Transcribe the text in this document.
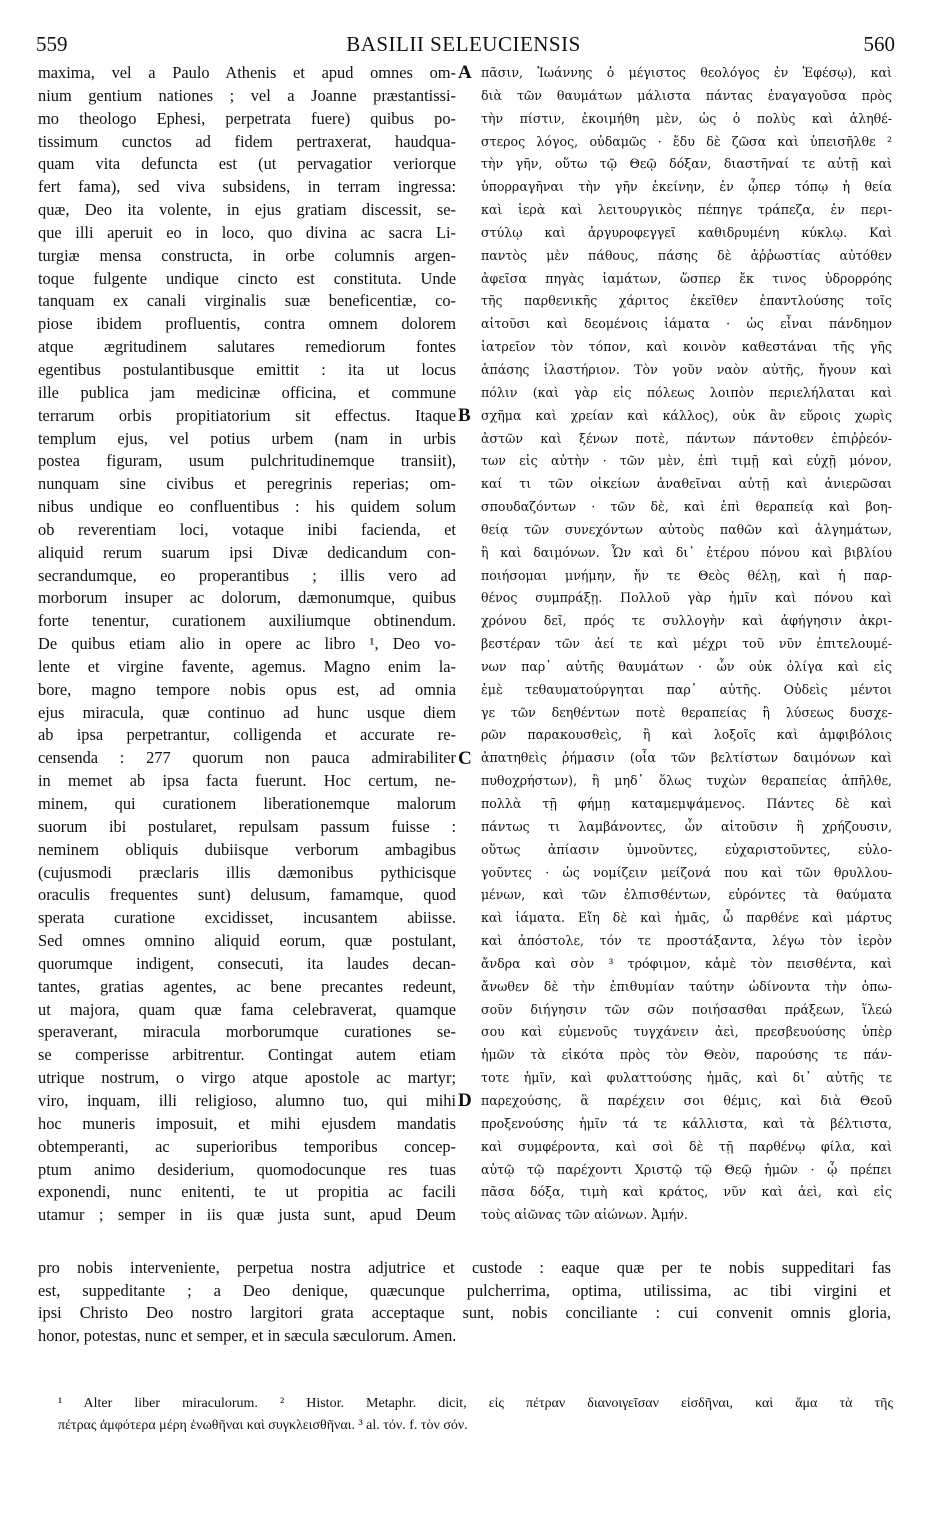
559	BASILII SELEUCIENSIS	560
maxima, vel a Paulo Athenis et apud omnes om-
nium gentium nationes ; vel a Joanne præstantissi-
mo theologo Ephesi, perpetrata fuere) quibus po-
tissimum cunctos ad fidem pertraxerat, haudqua-
quam vita defuncta est (ut pervagatior veriorque
fert fama), sed viva subsidens, in terram ingressa:
quæ, Deo ita volente, in ejus gratiam discessit, se-
que illi aperuit eo in loco, quo divina ac sacra Li-
turgiæ mensa constructa, in orbe columnis argen-
toque fulgente undique cincto est constituta. Unde
tanquam ex canali virginalis suæ beneficentiæ, co-
piose ibidem profluentis, contra omnem dolorem
atque ægritudinem salutares remediorum fontes
egentibus postulantibusque emittit : ita ut locus
ille publica jam medicinæ officina, et commune
terrarum orbis propitiatorium sit effectus. Itaque
templum ejus, vel potius urbem (nam in urbis
postea figuram, usum pulchritudinemque transiit),
nunquam sine civibus et peregrinis reperias; om-
nibus undique eo confluentibus : his quidem solum
ob reverentiam loci, votaque inibi facienda, et
aliquid rerum suarum ipsi Divæ dedicandum con-
secrandumque, eo properantibus ; illis vero ad
morborum insuper ac dolorum, dæmonumque, quibus
forte tenentur, curationem auxiliumque obtinendum.
De quibus etiam alio in opere ac libro ¹, Deo vo-
lente et virgine favente, agemus. Magno enim la-
bore, magno tempore nobis opus est, ad omnia
ejus miracula, quæ continuo ad hunc usque diem
ab ipsa perpetrantur, colligenda et accurate re-
censenda : 277 quorum non pauca admirabiliter
in memet ab ipsa facta fuerunt. Hoc certum, ne-
minem, qui curationem liberationemque malorum
suorum ibi postularet, repulsam passum fuisse :
neminem obliquis dubiisque verborum ambagibus
(cujusmodi præclaris illis dæmonibus pythicisque
oraculis frequentes sunt) delusum, famamque, quod
sperata curatione excidisset, incusantem abiisse.
Sed omnes omnino aliquid eorum, quæ postulant,
quorumque indigent, consecuti, ita laudes decan-
tantes, gratias agentes, ac bene precantes redeunt,
ut majora, quam quæ fama celebraverat, quamque
speraverant, miracula morborumque curationes se-
se comperisse arbitrentur. Contingat autem etiam
utrique nostrum, o virgo atque apostole ac martyr;
viro, inquam, illi religioso, alumno tuo, qui mihi
hoc muneris imposuit, et mihi ejusdem mandatis
obtemperanti, ac superioribus temporibus concep-
ptum animo desiderium, quomodocunque res tuas
exponendi, nunc enitenti, te ut propitia ac facili
utamur ; semper in iis quæ justa sunt, apud Deum
πᾶσιν, Ἰωάννης ὁ μέγιστος θεολόγος ἐν Ἐφέσῳ), καὶ
διὰ τῶν θαυμάτων μάλιστα πάντας ἐναγαγοῦσα πρὸς
τὴν πίστιν, ἐκοιμήθη μὲν, ὡς ὁ πολὺς καὶ ἀληθέ-
στερος λόγος, οὐδαμῶς · ἔδυ δὲ ζῶσα καὶ ὑπεισῆλθε ²
τὴν γῆν, οὕτω τῷ Θεῷ δόξαν, διαστῆναί τε αὐτῇ καὶ
ὑπορραγῆναι τὴν γῆν ἐκείνην, ἐν ᾧπερ τόπῳ ἡ θεία
καὶ ἱερὰ καὶ λειτουργικὸς πέπηγε τράπεζα, ἐν περι-
στύλῳ καὶ ἀργυροφεγγεῖ καθιδρυμένη κύκλῳ. Καὶ
παντὸς μὲν πάθους, πάσης δὲ ἀῤῥωστίας αὐτόθεν
ἀφεῖσα πηγὰς ἰαμάτων, ὥσπερ ἔκ τινος ὑδρορρόης
τῆς παρθενικῆς χάριτος ἐκεῖθεν ἐπαντλούσης τοῖς
αἰτοῦσι καὶ δεομένοις ἰάματα · ὡς εἶναι πάνδημον
ἰατρεῖον τὸν τόπον, καὶ κοινὸν καθεστάναι τῆς γῆς
ἁπάσης ἱλαστήριον. Τὸν γοῦν ναὸν αὐτῆς, ἤγουν καὶ
πόλιν (καὶ γὰρ εἰς πόλεως λοιπὸν περιελήλαται καὶ
σχῆμα καὶ χρείαν καὶ κάλλος), οὐκ ἂν εὕροις χωρὶς
ἀστῶν καὶ ξένων ποτὲ, πάντων πάντοθεν ἐπιῤῥεόν-
των εἰς αὐτὴν · τῶν μὲν, ἐπὶ τιμῇ καὶ εὐχῇ μόνον,
καί τι τῶν οἰκείων ἀναθεῖναι αὐτῇ καὶ ἀνιερῶσαι
σπουδαζόντων · τῶν δὲ, καὶ ἐπὶ θεραπείᾳ καὶ βοη-
θείᾳ τῶν συνεχόντων αὐτοὺς παθῶν καὶ ἀλγημάτων,
ἢ καὶ δαιμόνων. Ὧν καὶ δι᾽ ἑτέρου πόνου καὶ βιβλίου
ποιήσομαι μνήμην, ἤν τε Θεὸς θέλῃ, καὶ ἡ παρ-
θένος συμπράξῃ. Πολλοῦ γὰρ ἡμῖν καὶ πόνου καὶ
χρόνου δεῖ, πρός τε συλλογὴν καὶ ἀφήγησιν ἀκρι-
βεστέραν τῶν ἀεί τε καὶ μέχρι τοῦ νῦν ἐπιτελουμέ-
νων παρ᾽ αὐτῆς θαυμάτων · ὧν οὐκ ὀλίγα καὶ εἰς
ἐμὲ τεθαυματούργηται παρ᾽ αὐτῆς. Οὐδεὶς μέντοι
γε τῶν δεηθέντων ποτὲ θεραπείας ἢ λύσεως δυσχε-
ρῶν παρακουσθεὶς, ἢ καὶ λοξοῖς καὶ ἀμφιβόλοις
ἀπατηθεὶς ῥήμασιν (οἷα τῶν βελτίστων δαιμόνων καὶ
πυθοχρήστων), ἢ μηδ᾽ ὅλως τυχὼν θεραπείας ἀπῆλθε,
πολλὰ τῇ φήμῃ καταμεμψάμενος. Πάντες δὲ καὶ
πάντως τι λαμβάνοντες, ὧν αἰτοῦσιν ἢ χρήζουσιν,
οὕτως ἀπίασιν ὑμνοῦντες, εὐχαριστοῦντες, εὐλο-
γοῦντες · ὡς νομίζειν μείζονά που καὶ τῶν θρυλλου-
μένων, καὶ τῶν ἐλπισθέντων, εὑρόντες τὰ θαύματα
καὶ ἰάματα. Εἴη δὲ καὶ ἡμᾶς, ὦ παρθένε καὶ μάρτυς
καὶ ἀπόστολε, τόν τε προστάξαντα, λέγω τὸν ἱερὸν
ἄνδρα καὶ σὸν ³ τρόφιμον, κἀμὲ τὸν πεισθέντα, καὶ
ἄνωθεν δὲ τὴν ἐπιθυμίαν ταύτην ὠδίνοντα τὴν ὁπω-
σοῦν διήγησιν τῶν σῶν ποιήσασθαι πράξεων, ἵλεώ
σου καὶ εὐμενοῦς τυγχάνειν ἀεὶ, πρεσβευούσης ὑπὲρ
ἡμῶν τὰ εἰκότα πρὸς τὸν Θεὸν, παρούσης τε πάν-
τοτε ἡμῖν, καὶ φυλαττούσης ἡμᾶς, καὶ δι᾽ αὐτῆς τε
παρεχούσης, ἃ παρέχειν σοι θέμις, καὶ διὰ Θεοῦ
προξενούσης ἡμῖν τά τε κάλλιστα, καὶ τὰ βέλτιστα,
καὶ συμφέροντα, καὶ σοὶ δὲ τῇ παρθένῳ φίλα, καὶ
αὐτῷ τῷ παρέχοντι Χριστῷ τῷ Θεῷ ἡμῶν · ᾧ πρέπει
πᾶσα δόξα, τιμὴ καὶ κράτος, νῦν καὶ ἀεὶ, καὶ εἰς
τοὺς αἰῶνας τῶν αἰώνων. Ἀμήν.
A
B
C
D
pro nobis interveniente, perpetua nostra adjutrice et custode : eaque quæ per te nobis suppeditari fas
est, suppeditante ; a Deo denique, quæcunque pulcherrima, optima, utilissima, ac tibi virgini et
ipsi Christo Deo nostro largitori grata acceptaque sunt, nobis conciliante : cui convenit omnis gloria,
honor, potestas, nunc et semper, et in sæcula sæculorum. Amen.
¹ Alter liber miraculorum. ² Histor. Metaphr. dicit, εἰς πέτραν διανοιγεῖσαν εἰσδῆναι, καὶ ἅμα τὰ τῆς
πέτρας ἀμφότερα μέρη ἑνωθῆναι καὶ συγκλεισθῆναι. ³ al. τόν. f. τὸν σόν.
